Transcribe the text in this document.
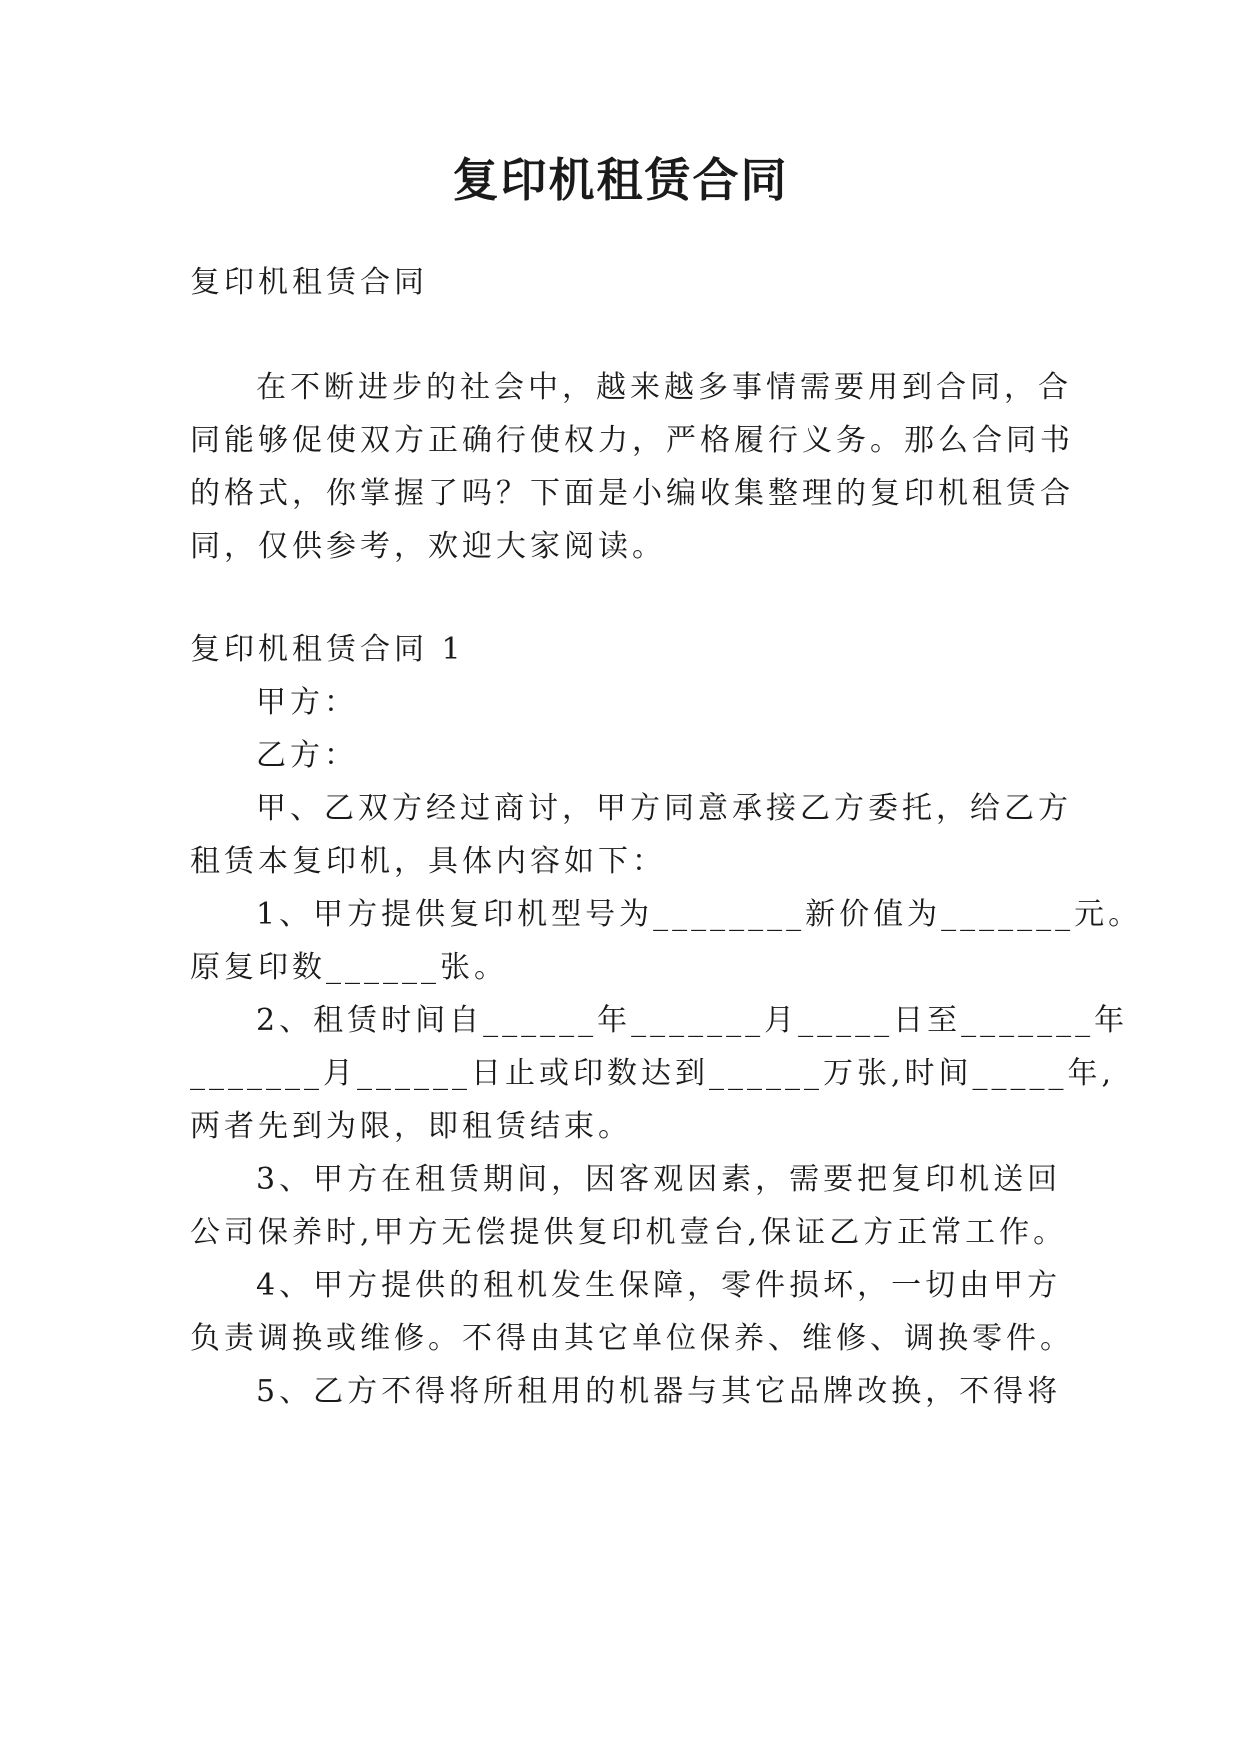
复印机租赁合同
复印机租赁合同
在不断进步的社会中，越来越多事情需要用到合同，合
同能够促使双方正确行使权力，严格履行义务。那么合同书
的格式，你掌握了吗？下面是小编收集整理的复印机租赁合
同，仅供参考，欢迎大家阅读。
复印机租赁合同 1
甲方：
乙方：
甲、乙双方经过商讨，甲方同意承接乙方委托，给乙方
租赁本复印机，具体内容如下：
1、甲方提供复印机型号为________新价值为_______元。
原复印数______张。
2、租赁时间自______年_______月_____日至_______年
_______月______日止或印数达到______万张,时间_____年,
两者先到为限，即租赁结束。
3、甲方在租赁期间，因客观因素，需要把复印机送回
公司保养时,甲方无偿提供复印机壹台,保证乙方正常工作。
4、甲方提供的租机发生保障，零件损坏，一切由甲方
负责调换或维修。不得由其它单位保养、维修、调换零件。
5、乙方不得将所租用的机器与其它品牌改换，不得将
